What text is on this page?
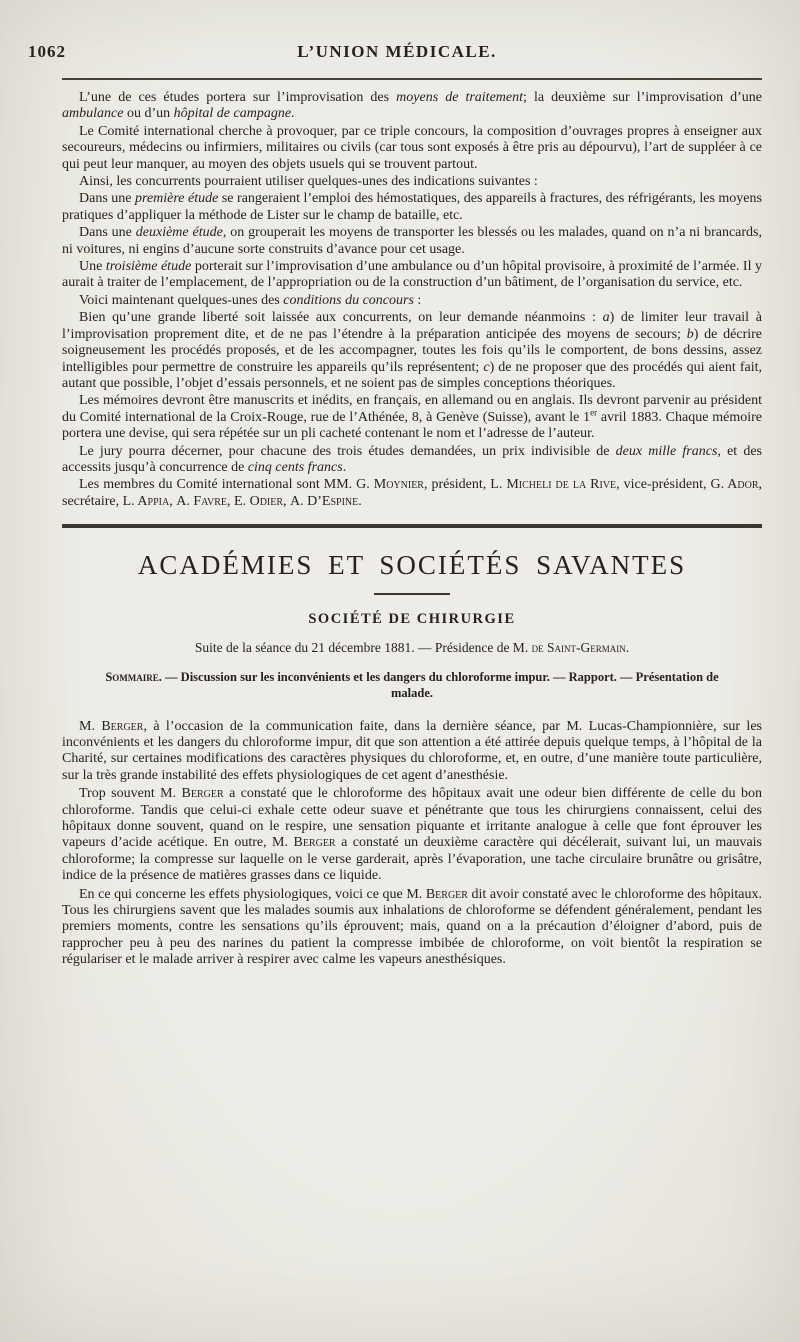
1062	L’UNION MÉDICALE.

L’une de ces études portera sur l’improvisation des moyens de traitement; la deuxième sur l’improvisation d’une ambulance ou d’un hôpital de campagne.

Le Comité international cherche à provoquer, par ce triple concours, la composition d’ouvrages propres à enseigner aux secoureurs, médecins ou infirmiers, militaires ou civils (car tous sont exposés à être pris au dépourvu), l’art de suppléer à ce qui peut leur manquer, au moyen des objets usuels qui se trouvent partout.

Ainsi, les concurrents pourraient utiliser quelques-unes des indications suivantes :

Dans une première étude se rangeraient l’emploi des hémostatiques, des appareils à fractures, des réfrigérants, les moyens pratiques d’appliquer la méthode de Lister sur le champ de bataille, etc.

Dans une deuxième étude, on grouperait les moyens de transporter les blessés ou les malades, quand on n’a ni brancards, ni voitures, ni engins d’aucune sorte construits d’avance pour cet usage.

Une troisième étude porterait sur l’improvisation d’une ambulance ou d’un hôpital provisoire, à proximité de l’armée. Il y aurait à traiter de l’emplacement, de l’appropriation ou de la construction d’un bâtiment, de l’organisation du service, etc.

Voici maintenant quelques-unes des conditions du concours :

Bien qu’une grande liberté soit laissée aux concurrents, on leur demande néanmoins : a) de limiter leur travail à l’improvisation proprement dite, et de ne pas l’étendre à la préparation anticipée des moyens de secours; b) de décrire soigneusement les procédés proposés, et de les accompagner, toutes les fois qu’ils le comportent, de bons dessins, assez intelligibles pour permettre de construire les appareils qu’ils représentent; c) de ne proposer que des procédés qui aient fait, autant que possible, l’objet d’essais personnels, et ne soient pas de simples conceptions théoriques.

Les mémoires devront être manuscrits et inédits, en français, en allemand ou en anglais. Ils devront parvenir au président du Comité international de la Croix-Rouge, rue de l’Athénée, 8, à Genève (Suisse), avant le 1er avril 1883. Chaque mémoire portera une devise, qui sera répétée sur un pli cacheté contenant le nom et l’adresse de l’auteur.

Le jury pourra décerner, pour chacune des trois études demandées, un prix indivisible de deux mille francs, et des accessits jusqu’à concurrence de cinq cents francs.

Les membres du Comité international sont MM. G. Moynier, président, L. Micheli de la Rive, vice-président, G. Ador, secrétaire, L. Appia, A. Favre, E. Odier, A. D’Espine.

ACADÉMIES ET SOCIÉTÉS SAVANTES
SOCIÉTÉ DE CHIRURGIE

Suite de la séance du 21 décembre 1881. — Présidence de M. de Saint-Germain.

Sommaire. — Discussion sur les inconvénients et les dangers du chloroforme impur. — Rapport. — Présentation de malade.

M. Berger, à l’occasion de la communication faite, dans la dernière séance, par M. Lucas-Championnière, sur les inconvénients et les dangers du chloroforme impur, dit que son attention a été attirée depuis quelque temps, à l’hôpital de la Charité, sur certaines modifications des caractères physiques du chloroforme, et, en outre, d’une manière toute particulière, sur la très grande instabilité des effets physiologiques de cet agent d’anesthésie.

Trop souvent M. Berger a constaté que le chloroforme des hôpitaux avait une odeur bien différente de celle du bon chloroforme. Tandis que celui-ci exhale cette odeur suave et pénétrante que tous les chirurgiens connaissent, celui des hôpitaux donne souvent, quand on le respire, une sensation piquante et irritante analogue à celle que font éprouver les vapeurs d’acide acétique. En outre, M. Berger a constaté un deuxième caractère qui décélerait, suivant lui, un mauvais chloroforme; la compresse sur laquelle on le verse garderait, après l’évaporation, une tache circulaire brunâtre ou grisâtre, indice de la présence de matières grasses dans ce liquide.

En ce qui concerne les effets physiologiques, voici ce que M. Berger dit avoir constaté avec le chloroforme des hôpitaux. Tous les chirurgiens savent que les malades soumis aux inhalations de chloroforme se défendent généralement, pendant les premiers moments, contre les sensations qu’ils éprouvent; mais, quand on a la précaution d’éloigner d’abord, puis de rapprocher peu à peu des narines du patient la compresse imbibée de chloroforme, on voit bientôt la respiration se régulariser et le malade arriver à respirer avec calme les vapeurs anesthésiques.
